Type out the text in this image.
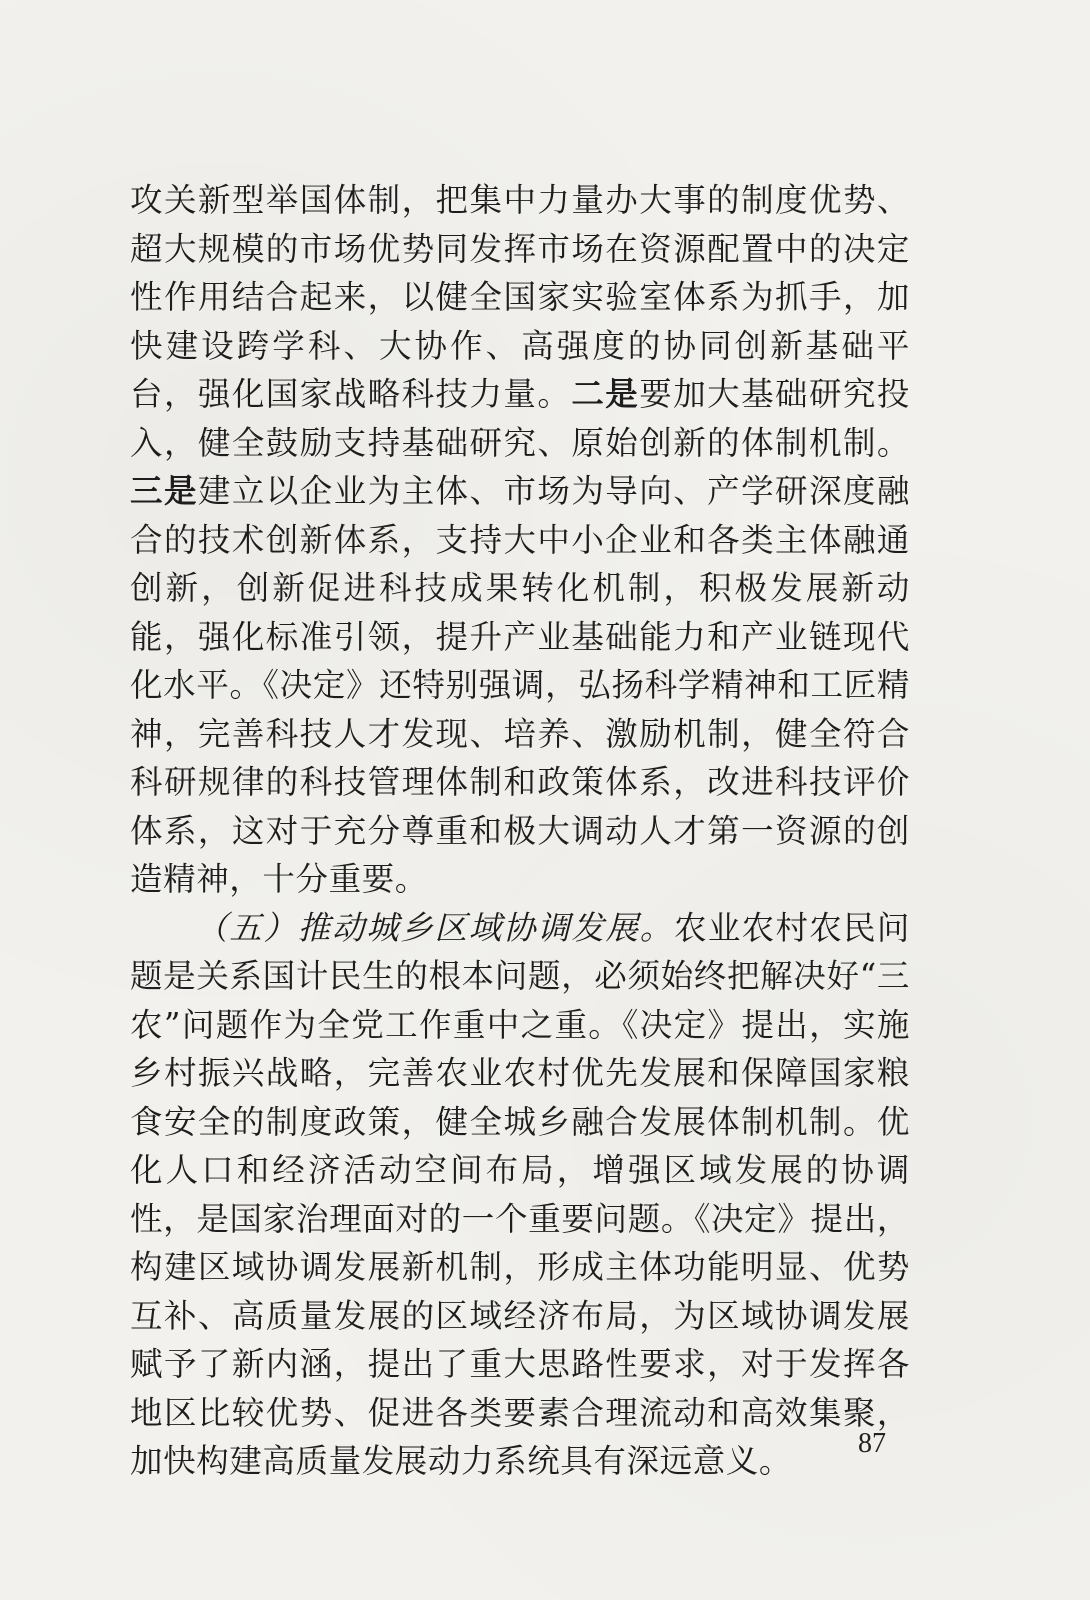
攻关新型举国体制，把集中力量办大事的制度优势、超大规模的市场优势同发挥市场在资源配置中的决定性作用结合起来，以健全国家实验室体系为抓手，加快建设跨学科、大协作、高强度的协同创新基础平台，强化国家战略科技力量。二是要加大基础研究投入，健全鼓励支持基础研究、原始创新的体制机制。三是建立以企业为主体、市场为导向、产学研深度融合的技术创新体系，支持大中小企业和各类主体融通创新，创新促进科技成果转化机制，积极发展新动能，强化标准引领，提升产业基础能力和产业链现代化水平。《决定》还特别强调，弘扬科学精神和工匠精神，完善科技人才发现、培养、激励机制，健全符合科研规律的科技管理体制和政策体系，改进科技评价体系，这对于充分尊重和极大调动人才第一资源的创造精神，十分重要。

（五）推动城乡区域协调发展。农业农村农民问题是关系国计民生的根本问题，必须始终把解决好“三农”问题作为全党工作重中之重。《决定》提出，实施乡村振兴战略，完善农业农村优先发展和保障国家粮食安全的制度政策，健全城乡融合发展体制机制。优化人口和经济活动空间布局，增强区域发展的协调性，是国家治理面对的一个重要问题。《决定》提出，构建区域协调发展新机制，形成主体功能明显、优势互补、高质量发展的区域经济布局，为区域协调发展赋予了新内涵，提出了重大思路性要求，对于发挥各地区比较优势、促进各类要素合理流动和高效集聚，加快构建高质量发展动力系统具有深远意义。	87
